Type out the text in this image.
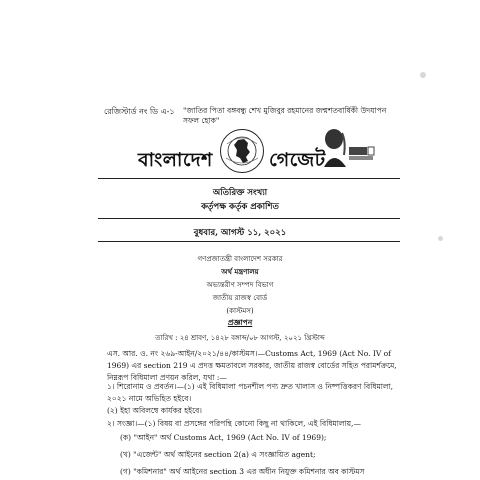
রেজিস্টার্ড নং ডি এ-১ "জাতির পিতা বঙ্গবন্ধু শেখ মুজিবুর রহমানের জন্মশতবার্ষিকী উদযাপন সফল হোক"
বাংলাদেশ	গেজেট
অতিরিক্ত সংখ্যা
কর্তৃপক্ষ কর্তৃক প্রকাশিত
বুধবার, আগস্ট ১১, ২০২১
গণপ্রজাতন্ত্রী বাংলাদেশ সরকার
অর্থ মন্ত্রণালয়
অভ্যন্তরীণ সম্পদ বিভাগ
জাতীয় রাজস্ব বোর্ড
(কাস্টমস)
প্রজ্ঞাপন
তারিখ : ২৪ শ্রাবণ, ১৪২৮ বঙ্গাব্দ/০৮ আগস্ট, ২০২১ খ্রিস্টাব্দ
এস. আর. ও. নং ২৬৯-আইন/২০২১/৪৪/কাস্টমস।—Customs Act, 1969 (Act No. IV of 1969) এর section 219 এ প্রদত্ত ক্ষমতাবলে সরকার, জাতীয় রাজস্ব বোর্ডের সহিত পরামর্শক্রমে, নিম্নরূপ বিধিমালা প্রণয়ন করিল, যথা :—
১। শিরোনাম ও প্রবর্তন।—(১) এই বিধিমালা পচনশীল পণ্য দ্রুত খালাস ও নিষ্পত্তিকরণ বিধিমালা, ২০২১ নামে অভিহিত হইবে।
(২) ইহা অবিলম্বে কার্যকর হইবে।
২। সংজ্ঞা।—(১) বিষয় বা প্রসঙ্গের পরিপন্থি কোনো কিছু না থাকিলে, এই বিধিমালায়,—
(ক) "আইন" অর্থ Customs Act, 1969 (Act No. IV of 1969);
(খ) "এজেন্ট" অর্থ আইনের section 2(a) এ সংজ্ঞায়িত agent;
(গ) "কমিশনার" অর্থ আইনের section 3 এর অধীন নিযুক্ত কমিশনার অব কাস্টমস
